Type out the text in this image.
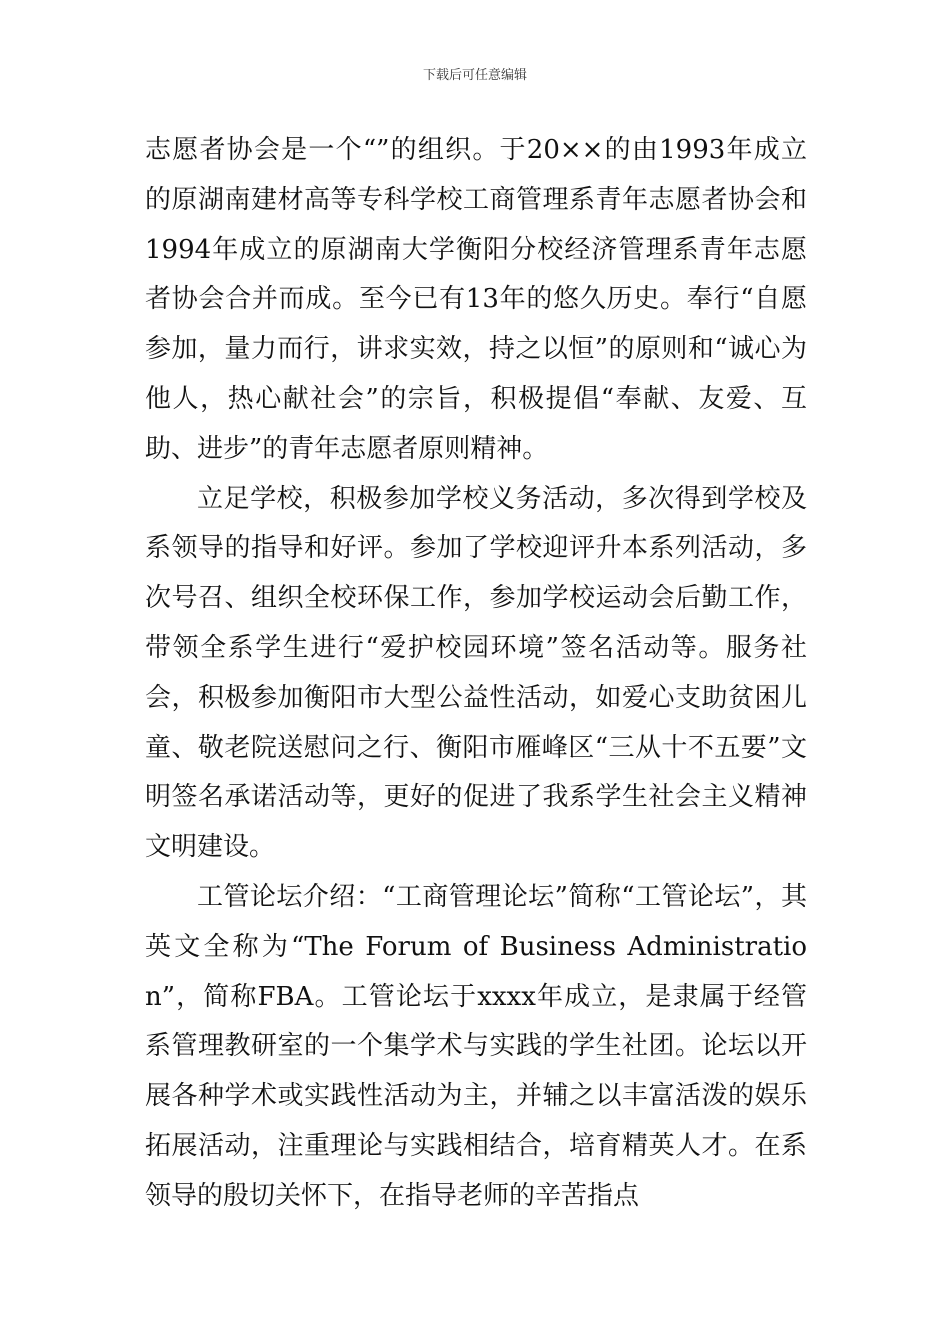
下载后可任意编辑

志愿者协会是一个“”的组织。于20××的由1993年成立的原湖南建材高等专科学校工商管理系青年志愿者协会和1994年成立的原湖南大学衡阳分校经济管理系青年志愿者协会合并而成。至今已有13年的悠久历史。奉行“自愿参加，量力而行，讲求实效，持之以恒”的原则和“诚心为他人，热心献社会”的宗旨，积极提倡“奉献、友爱、互助、进步”的青年志愿者原则精神。

立足学校，积极参加学校义务活动，多次得到学校及系领导的指导和好评。参加了学校迎评升本系列活动，多次号召、组织全校环保工作，参加学校运动会后勤工作，带领全系学生进行“爱护校园环境”签名活动等。服务社会，积极参加衡阳市大型公益性活动，如爱心支助贫困儿童、敬老院送慰问之行、衡阳市雁峰区“三从十不五要”文明签名承诺活动等，更好的促进了我系学生社会主义精神文明建设。

工管论坛介绍：“工商管理论坛”简称“工管论坛”，其英文全称为“The Forum of Business Administration”，简称FBA。工管论坛于xxxx年成立，是隶属于经管系管理教研室的一个集学术与实践的学生社团。论坛以开展各种学术或实践性活动为主，并辅之以丰富活泼的娱乐拓展活动，注重理论与实践相结合，培育精英人才。在系领导的殷切关怀下，在指导老师的辛苦指点
